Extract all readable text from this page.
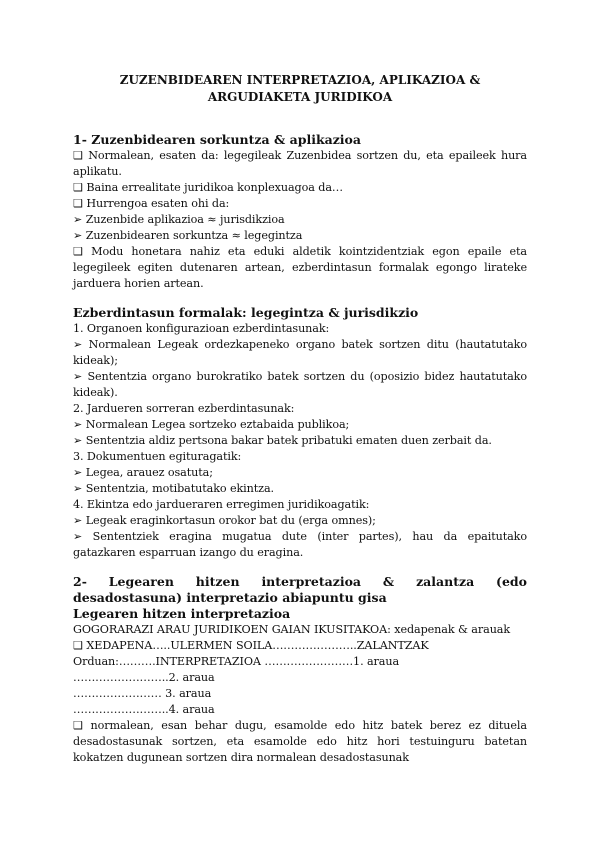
ZUZENBIDEAREN INTERPRETAZIOA, APLIKAZIOA & ARGUDIAKETA JURIDIKOA
1- Zuzenbidearen sorkuntza & aplikazioa

❑ Normalean, esaten da: legegileak Zuzenbidea sortzen du, eta epaileek hura aplikatu.

❑ Baina errealitate juridikoa konplexuagoa da…

❑ Hurrengoa esaten ohi da:

➢ Zuzenbide aplikazioa ≈ jurisdikzioa

➢ Zuzenbidearen sorkuntza ≈ legegintza

❑ Modu honetara nahiz eta eduki aldetik kointzidentziak egon epaile eta legegileek egiten dutenaren artean, ezberdintasun formalak egongo lirateke jarduera horien artean.

Ezberdintasun formalak: legegintza & jurisdikzio

1. Organoen konfigurazioan ezberdintasunak:

➢ Normalean Legeak ordezkapeneko organo batek sortzen ditu (hautatutako kideak);

➢ Sententzia organo burokratiko batek sortzen du (oposizio bidez hautatutako kideak).

2. Jardueren sorreran ezberdintasunak:

➢ Normalean Legea sortzeko eztabaida publikoa;

➢ Sententzia aldiz pertsona bakar batek pribatuki ematen duen zerbait da.

3. Dokumentuen egituragatik:

➢ Legea, arauez osatuta;

➢ Sententzia, motibatutako ekintza.

4. Ekintza edo jardueraren erregimen juridikoagatik:

➢ Legeak eraginkortasun orokor bat du (erga omnes);

➢ Sententziek eragina mugatua dute (inter partes), hau da epaitutako gatazkaren esparruan izango du eragina.

2- Legearen hitzen interpretazioa & zalantza (edo desadostasuna) interpretazio abiapuntu gisa
Legearen hitzen interpretazioa

GOGORARAZI ARAU JURIDIKOEN GAIAN IKUSITAKOA: xedapenak & arauak

❑ XEDAPENA…..ULERMEN SOILA…………………..ZALANTZAK

Orduan:……….INTERPRETAZIOA ……………………1. araua

……………………..2. araua

…………………… 3. araua

……………………..4. araua

❑ normalean, esan behar dugu, esamolde edo hitz batek berez ez dituela desadostasunak sortzen, eta esamolde edo hitz hori testuinguru batetan kokatzen dugunean sortzen dira normalean desadostasunak
